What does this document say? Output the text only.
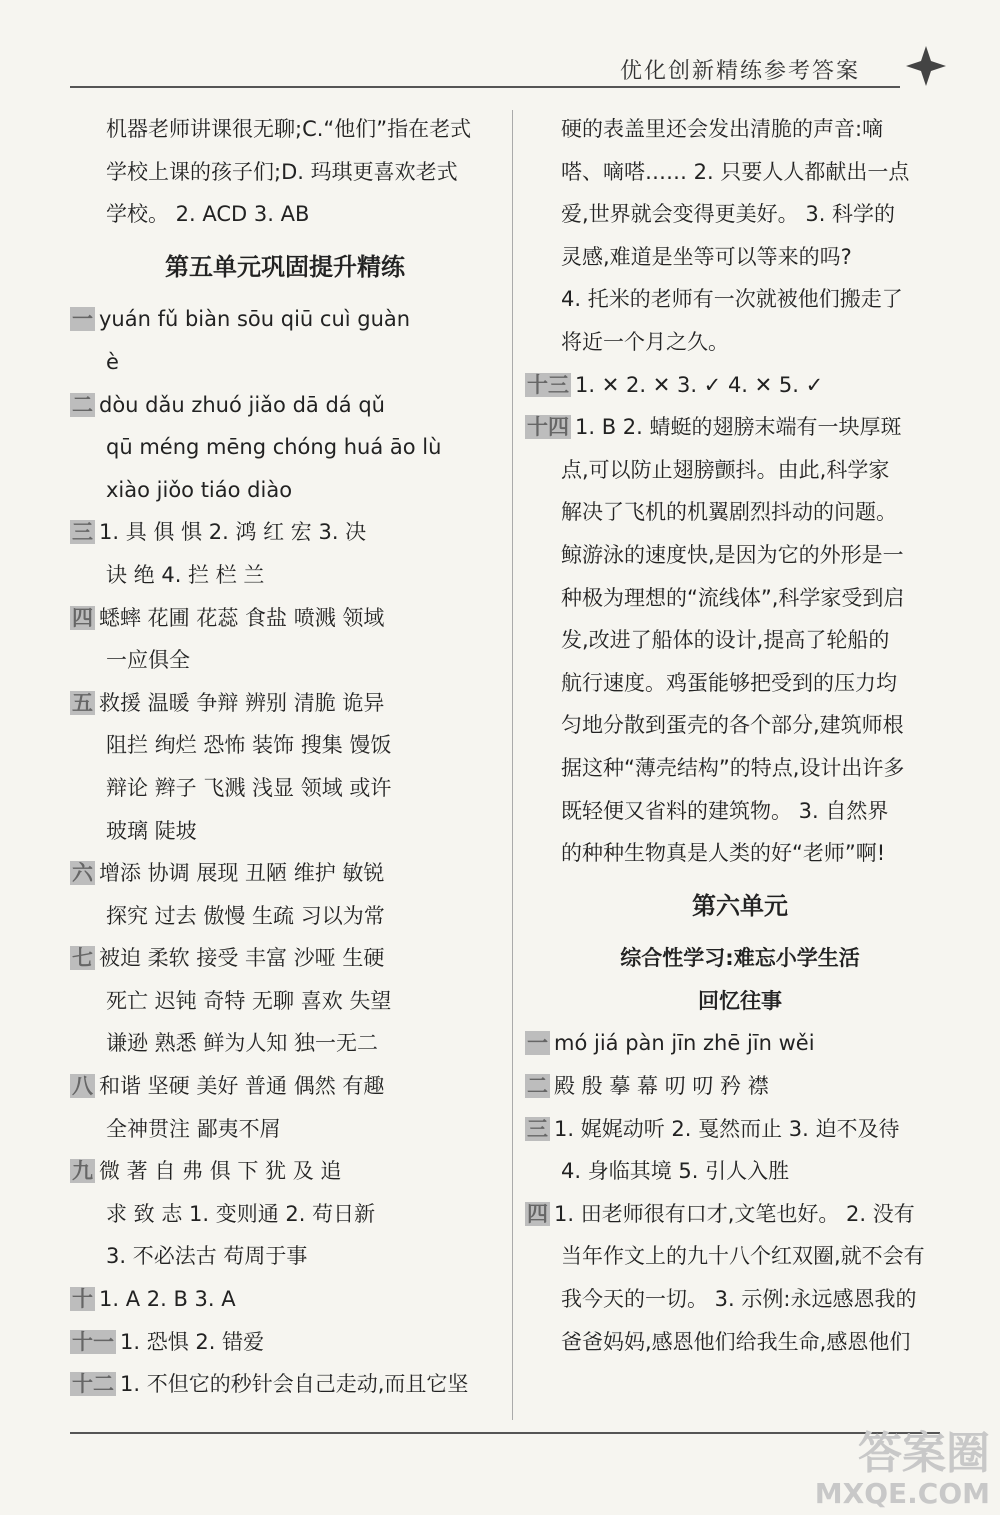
优化创新精练参考答案
机器老师讲课很无聊;C.“他们”指在老式
学校上课的孩子们;D. 玛琪更喜欢老式
学校。 2. ACD 3. AB
第五单元巩固提升精练
一 yuán fǔ biàn sōu qiū cuì guàn
è
二 dòu dǎu zhuó jiǎo dā dá qǔ
qū méng mēng chóng huá āo lù
xiào jiǒo tiáo diào
三 1. 具 俱 惧 2. 鸿 红 宏 3. 决
诀 绝 4. 拦 栏 兰
四 蟋蟀 花圃 花蕊 食盐 喷溅 领域
一应俱全
五 救援 温暖 争辩 辨别 清脆 诡异
阻拦 绚烂 恐怖 装饰 搜集 馒饭
辩论 辫子 飞溅 浅显 领域 或许
玻璃 陡坡
六 增添 协调 展现 丑陋 维护 敏锐
探究 过去 傲慢 生疏 习以为常
七 被迫 柔软 接受 丰富 沙哑 生硬
死亡 迟钝 奇特 无聊 喜欢 失望
谦逊 熟悉 鲜为人知 独一无二
八 和谐 坚硬 美好 普通 偶然 有趣
全神贯注 鄙夷不屑
九 微 著 自 弗 俱 下 犹 及 追
求 致 志 1. 变则通 2. 苟日新
3. 不必法古 苟周于事
十 1. A 2. B 3. A
十一 1. 恐惧 2. 错爱
十二 1. 不但它的秒针会自己走动,而且它坚
硬的表盖里还会发出清脆的声音:嘀
嗒、嘀嗒…… 2. 只要人人都献出一点
爱,世界就会变得更美好。 3. 科学的
灵感,难道是坐等可以等来的吗?
4. 托米的老师有一次就被他们搬走了
将近一个月之久。
十三 1. ✕ 2. ✕ 3. ✓ 4. ✕ 5. ✓
十四 1. B 2. 蜻蜓的翅膀末端有一块厚斑
点,可以防止翅膀颤抖。由此,科学家
解决了飞机的机翼剧烈抖动的问题。
鲸游泳的速度快,是因为它的外形是一
种极为理想的“流线体”,科学家受到启
发,改进了船体的设计,提高了轮船的
航行速度。鸡蛋能够把受到的压力均
匀地分散到蛋壳的各个部分,建筑师根
据这种“薄壳结构”的特点,设计出许多
既轻便又省料的建筑物。 3. 自然界
的种种生物真是人类的好“老师”啊!
第六单元
综合性学习:难忘小学生活
回忆往事
一 mó jiá pàn jīn zhē jīn wěi
二 殿 殷 摹 幕 叨 叨 矜 襟
三 1. 娓娓动听 2. 戛然而止 3. 迫不及待
4. 身临其境 5. 引人入胜
四 1. 田老师很有口才,文笔也好。 2. 没有
当年作文上的九十八个红双圈,就不会有
我今天的一切。 3. 示例:永远感恩我的
爸爸妈妈,感恩他们给我生命,感恩他们
答案圈
MXQE.COM
